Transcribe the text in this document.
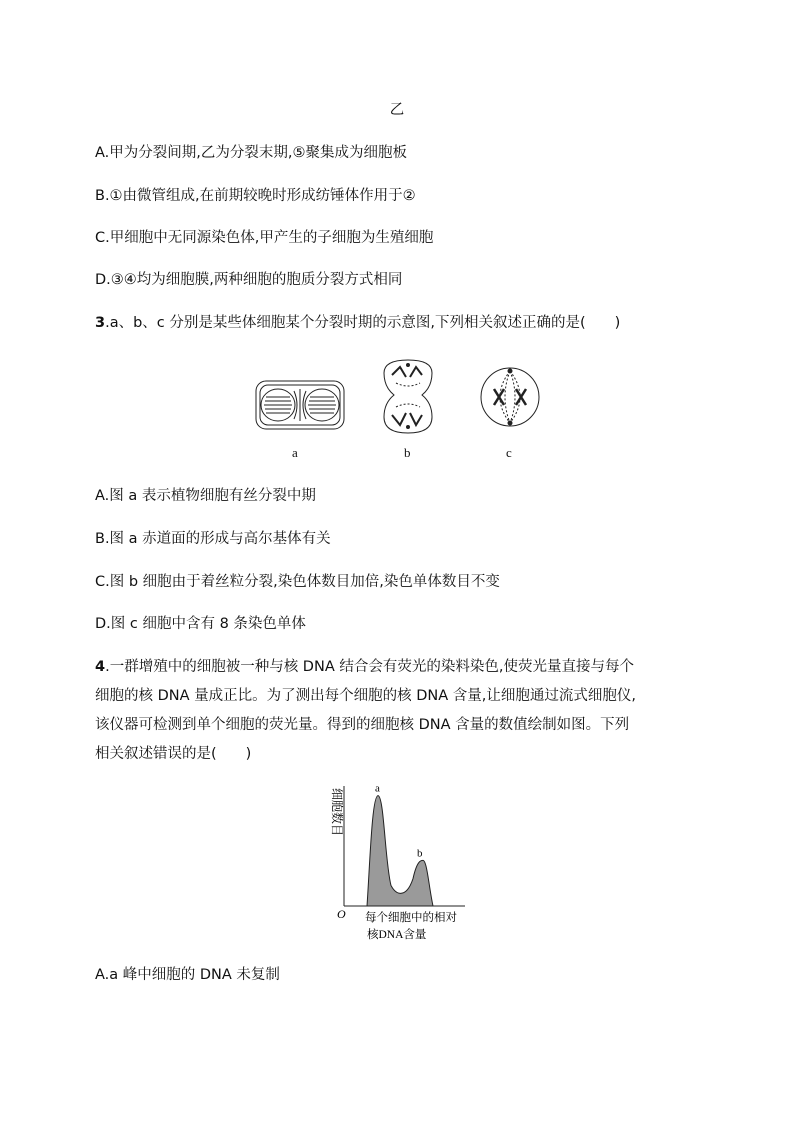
乙
A.甲为分裂间期,乙为分裂末期,⑤聚集成为细胞板
B.①由微管组成,在前期较晚时形成纺锤体作用于②
C.甲细胞中无同源染色体,甲产生的子细胞为生殖细胞
D.③④均为细胞膜,两种细胞的胞质分裂方式相同
3.a、b、c 分别是某些体细胞某个分裂时期的示意图,下列相关叙述正确的是(　　)
a	b	c
A.图 a 表示植物细胞有丝分裂中期
B.图 a 赤道面的形成与高尔基体有关
C.图 b 细胞由于着丝粒分裂,染色体数目加倍,染色单体数目不变
D.图 c 细胞中含有 8 条染色单体
4.一群增殖中的细胞被一种与核 DNA 结合会有荧光的染料染色,使荧光量直接与每个
细胞的核 DNA 量成正比。为了测出每个细胞的核 DNA 含量,让细胞通过流式细胞仪,
该仪器可检测到单个细胞的荧光量。得到的细胞核 DNA 含量的数值绘制如图。下列
相关叙述错误的是(　　)
细胞数目	a
b
O 每个细胞中的相对
核DNA含量
A.a 峰中细胞的 DNA 未复制
